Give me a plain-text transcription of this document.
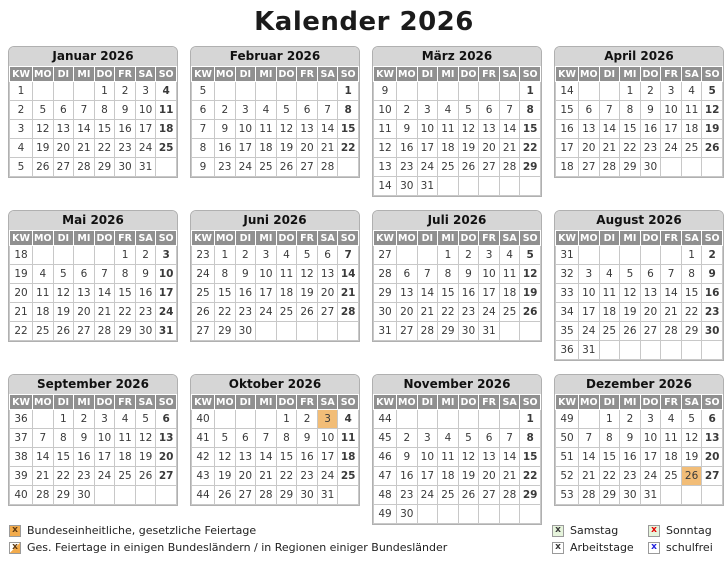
Kalender 2026
Januar 2026
KW	MO	DI	MI	DO	FR	SA	SO
1				1	2	3	4
2	5	6	7	8	9	10	11
3	12	13	14	15	16	17	18
4	19	20	21	22	23	24	25
5	26	27	28	29	30	31	
Februar 2026
KW	MO	DI	MI	DO	FR	SA	SO
5							1
6	2	3	4	5	6	7	8
7	9	10	11	12	13	14	15
8	16	17	18	19	20	21	22
9	23	24	25	26	27	28	
März 2026
KW	MO	DI	MI	DO	FR	SA	SO
9							1
10	2	3	4	5	6	7	8
11	9	10	11	12	13	14	15
12	16	17	18	19	20	21	22
13	23	24	25	26	27	28	29
14	30	31					
April 2026
KW	MO	DI	MI	DO	FR	SA	SO
14			1	2	3	4	5
15	6	7	8	9	10	11	12
16	13	14	15	16	17	18	19
17	20	21	22	23	24	25	26
18	27	28	29	30			
Mai 2026
KW	MO	DI	MI	DO	FR	SA	SO
18					1	2	3
19	4	5	6	7	8	9	10
20	11	12	13	14	15	16	17
21	18	19	20	21	22	23	24
22	25	26	27	28	29	30	31
Juni 2026
KW	MO	DI	MI	DO	FR	SA	SO
23	1	2	3	4	5	6	7
24	8	9	10	11	12	13	14
25	15	16	17	18	19	20	21
26	22	23	24	25	26	27	28
27	29	30					
Juli 2026
KW	MO	DI	MI	DO	FR	SA	SO
27			1	2	3	4	5
28	6	7	8	9	10	11	12
29	13	14	15	16	17	18	19
30	20	21	22	23	24	25	26
31	27	28	29	30	31		
August 2026
KW	MO	DI	MI	DO	FR	SA	SO
31						1	2
32	3	4	5	6	7	8	9
33	10	11	12	13	14	15	16
34	17	18	19	20	21	22	23
35	24	25	26	27	28	29	30
36	31						
September 2026
KW	MO	DI	MI	DO	FR	SA	SO
36		1	2	3	4	5	6
37	7	8	9	10	11	12	13
38	14	15	16	17	18	19	20
39	21	22	23	24	25	26	27
40	28	29	30				
Oktober 2026
KW	MO	DI	MI	DO	FR	SA	SO
40				1	2	3	4
41	5	6	7	8	9	10	11
42	12	13	14	15	16	17	18
43	19	20	21	22	23	24	25
44	26	27	28	29	30	31	
November 2026
KW	MO	DI	MI	DO	FR	SA	SO
44							1
45	2	3	4	5	6	7	8
46	9	10	11	12	13	14	15
47	16	17	18	19	20	21	22
48	23	24	25	26	27	28	29
49	30						
Dezember 2026
KW	MO	DI	MI	DO	FR	SA	SO
49		1	2	3	4	5	6
50	7	8	9	10	11	12	13
51	14	15	16	17	18	19	20
52	21	22	23	24	25	26	27
53	28	29	30	31			
x Bundeseinheitliche, gesetzliche Feiertage
x Ges. Feiertage in einigen Bundesländern / in Regionen einiger Bundesländer
x Samstag	x Sonntag
x Arbeitstage	x schulfrei
